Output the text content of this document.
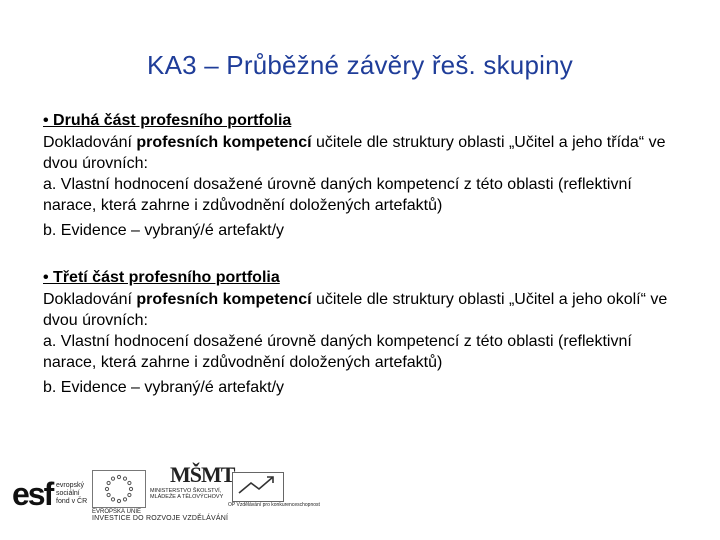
KA3 – Průběžné závěry řeš. skupiny
• Druhá část profesního portfolia
Dokladování profesních kompetencí učitele dle struktury oblasti „Učitel a jeho třída“ ve dvou úrovních:
a. Vlastní hodnocení dosažené úrovně daných kompetencí z této oblasti (reflektivní narace, která zahrne i zdůvodnění doložených artefaktů)
b. Evidence – vybraný/é artefakt/y
• Třetí část profesního portfolia
Dokladování profesních kompetencí učitele dle struktury oblasti „Učitel a jeho okolí“ ve dvou úrovních:
a. Vlastní hodnocení dosažené úrovně daných kompetencí z této oblasti (reflektivní narace, která zahrne i zdůvodnění doložených artefaktů)
b. Evidence – vybraný/é artefakt/y
esf evropský sociální fond v ČR
EVROPSKÁ UNIE
MŠMT
MINISTERSTVO ŠKOLSTVÍ, MLÁDEŽE A TĚLOVÝCHOVY
OP Vzdělávání pro konkurenceschopnost
INVESTICE DO ROZVOJE VZDĚLÁVÁNÍ
